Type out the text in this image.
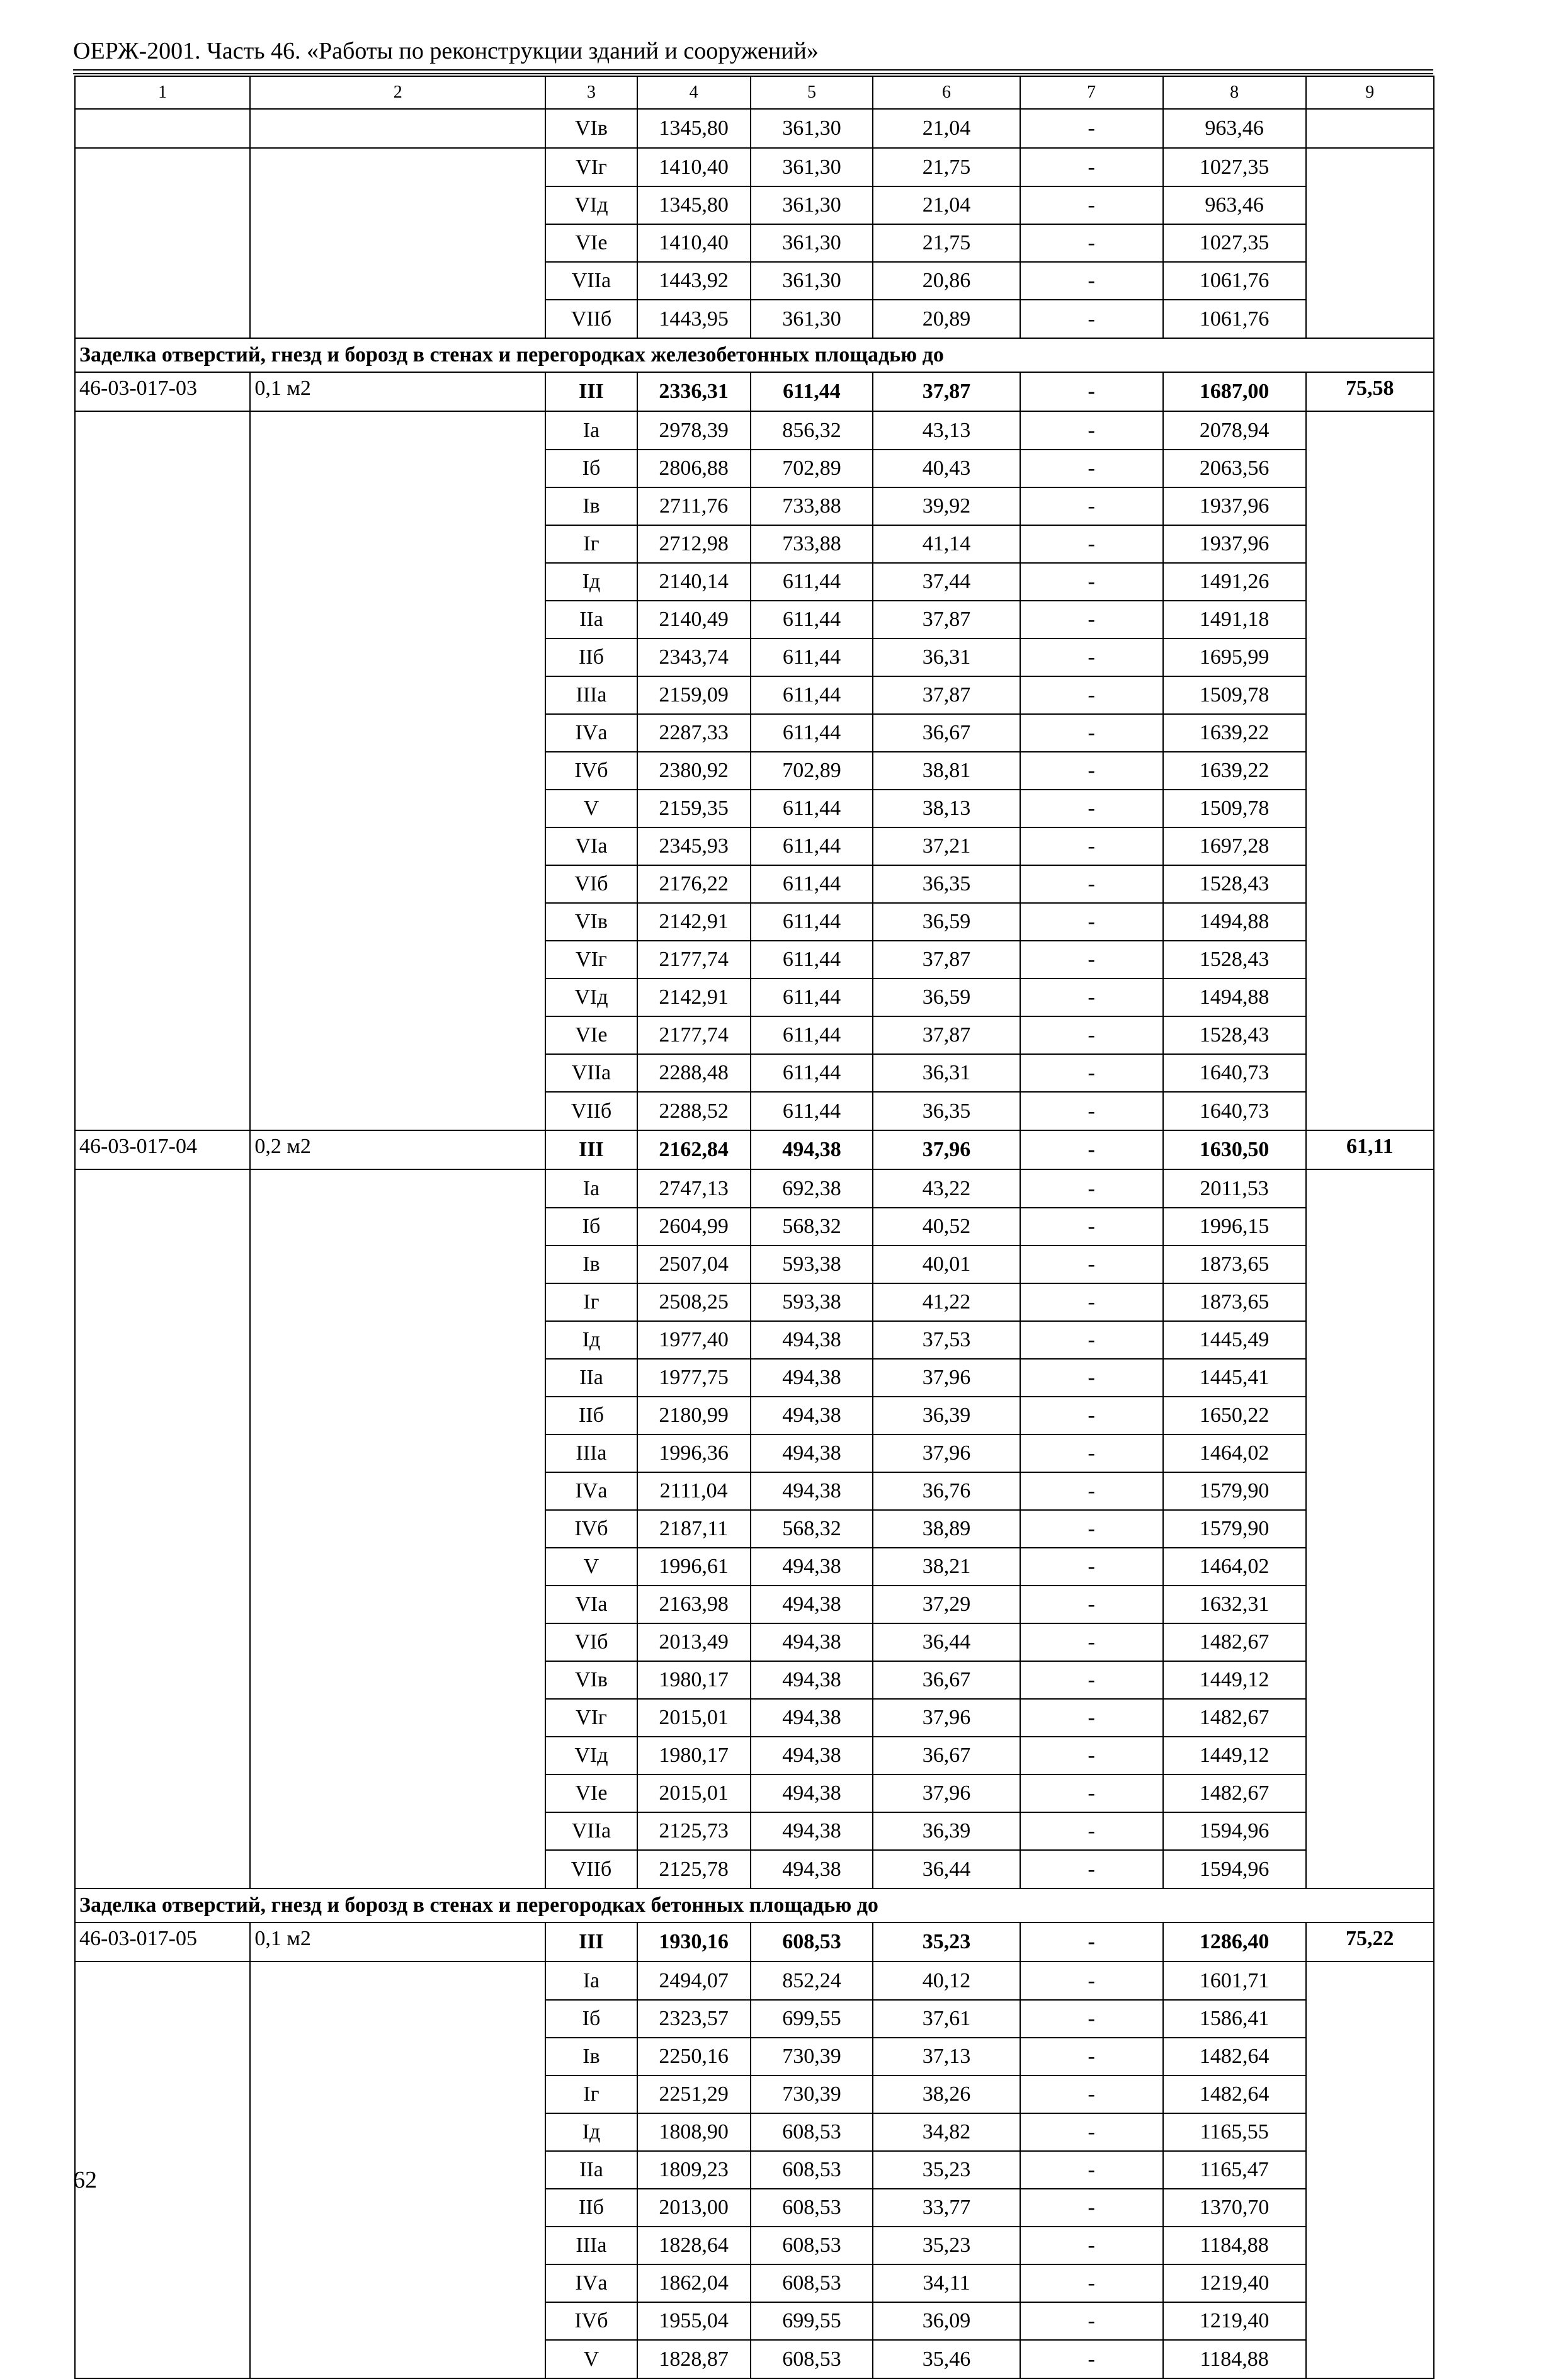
ОЕРЖ-2001. Часть 46. «Работы по реконструкции зданий и сооружений»
1	2	3	4	5	6	7	8	9
		VIв	1345,80	361,30	21,04	-	963,46	
		VIг	1410,40	361,30	21,75	-	1027,35	
		VIд	1345,80	361,30	21,04	-	963,46	
		VIе	1410,40	361,30	21,75	-	1027,35	
		VIIа	1443,92	361,30	20,86	-	1061,76	
		VIIб	1443,95	361,30	20,89	-	1061,76	
Заделка отверстий, гнезд и борозд в стенах и перегородках железобетонных площадью до								
46-03-017-03	0,1 м2	III	2336,31	611,44	37,87	-	1687,00	75,58
		Iа	2978,39	856,32	43,13	-	2078,94	
		Iб	2806,88	702,89	40,43	-	2063,56	
		Iв	2711,76	733,88	39,92	-	1937,96	
		Iг	2712,98	733,88	41,14	-	1937,96	
		Iд	2140,14	611,44	37,44	-	1491,26	
		IIа	2140,49	611,44	37,87	-	1491,18	
		IIб	2343,74	611,44	36,31	-	1695,99	
		IIIа	2159,09	611,44	37,87	-	1509,78	
		IVа	2287,33	611,44	36,67	-	1639,22	
		IVб	2380,92	702,89	38,81	-	1639,22	
		V	2159,35	611,44	38,13	-	1509,78	
		VIа	2345,93	611,44	37,21	-	1697,28	
		VIб	2176,22	611,44	36,35	-	1528,43	
		VIв	2142,91	611,44	36,59	-	1494,88	
		VIг	2177,74	611,44	37,87	-	1528,43	
		VIд	2142,91	611,44	36,59	-	1494,88	
		VIе	2177,74	611,44	37,87	-	1528,43	
		VIIа	2288,48	611,44	36,31	-	1640,73	
		VIIб	2288,52	611,44	36,35	-	1640,73	
46-03-017-04	0,2 м2	III	2162,84	494,38	37,96	-	1630,50	61,11
		Iа	2747,13	692,38	43,22	-	2011,53	
		Iб	2604,99	568,32	40,52	-	1996,15	
		Iв	2507,04	593,38	40,01	-	1873,65	
		Iг	2508,25	593,38	41,22	-	1873,65	
		Iд	1977,40	494,38	37,53	-	1445,49	
		IIа	1977,75	494,38	37,96	-	1445,41	
		IIб	2180,99	494,38	36,39	-	1650,22	
		IIIа	1996,36	494,38	37,96	-	1464,02	
		IVа	2111,04	494,38	36,76	-	1579,90	
		IVб	2187,11	568,32	38,89	-	1579,90	
		V	1996,61	494,38	38,21	-	1464,02	
		VIа	2163,98	494,38	37,29	-	1632,31	
		VIб	2013,49	494,38	36,44	-	1482,67	
		VIв	1980,17	494,38	36,67	-	1449,12	
		VIг	2015,01	494,38	37,96	-	1482,67	
		VIд	1980,17	494,38	36,67	-	1449,12	
		VIе	2015,01	494,38	37,96	-	1482,67	
		VIIа	2125,73	494,38	36,39	-	1594,96	
		VIIб	2125,78	494,38	36,44	-	1594,96	
Заделка отверстий, гнезд и борозд в стенах и перегородках бетонных площадью до								
46-03-017-05	0,1 м2	III	1930,16	608,53	35,23	-	1286,40	75,22
		Iа	2494,07	852,24	40,12	-	1601,71	
		Iб	2323,57	699,55	37,61	-	1586,41	
		Iв	2250,16	730,39	37,13	-	1482,64	
		Iг	2251,29	730,39	38,26	-	1482,64	
		Iд	1808,90	608,53	34,82	-	1165,55	
		IIа	1809,23	608,53	35,23	-	1165,47	
		IIб	2013,00	608,53	33,77	-	1370,70	
		IIIа	1828,64	608,53	35,23	-	1184,88	
		IVа	1862,04	608,53	34,11	-	1219,40	
		IVб	1955,04	699,55	36,09	-	1219,40	
		V	1828,87	608,53	35,46	-	1184,88	
62
